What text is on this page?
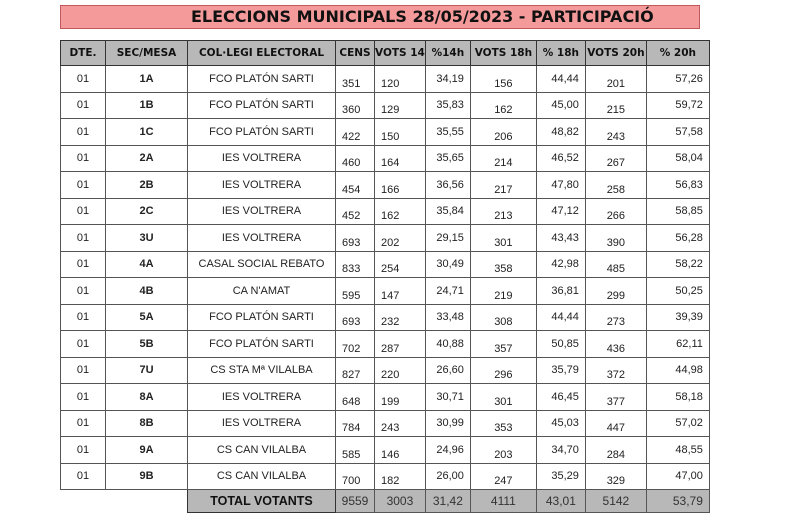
ELECCIONS MUNICIPALS 28/05/2023 - PARTICIPACIÓ
DTE.	SEC/MESA	COL·LEGI ELECTORAL	CENS	VOTS 14	%14h	VOTS 18h	% 18h	VOTS 20h	% 20h
01	1A	FCO PLATÓN SARTI	351	120	34,19	156	44,44	201	57,26
01	1B	FCO PLATÓN SARTI	360	129	35,83	162	45,00	215	59,72
01	1C	FCO PLATÓN SARTI	422	150	35,55	206	48,82	243	57,58
01	2A	IES VOLTRERA	460	164	35,65	214	46,52	267	58,04
01	2B	IES VOLTRERA	454	166	36,56	217	47,80	258	56,83
01	2C	IES VOLTRERA	452	162	35,84	213	47,12	266	58,85
01	3U	IES VOLTRERA	693	202	29,15	301	43,43	390	56,28
01	4A	CASAL SOCIAL REBATO	833	254	30,49	358	42,98	485	58,22
01	4B	CA N'AMAT	595	147	24,71	219	36,81	299	50,25
01	5A	FCO PLATÓN SARTI	693	232	33,48	308	44,44	273	39,39
01	5B	FCO PLATÓN SARTI	702	287	40,88	357	50,85	436	62,11
01	7U	CS STA Mª VILALBA	827	220	26,60	296	35,79	372	44,98
01	8A	IES VOLTRERA	648	199	30,71	301	46,45	377	58,18
01	8B	IES VOLTRERA	784	243	30,99	353	45,03	447	57,02
01	9A	CS CAN VILALBA	585	146	24,96	203	34,70	284	48,55
01	9B	CS CAN VILALBA	700	182	26,00	247	35,29	329	47,00
		TOTAL VOTANTS	9559	3003	31,42	4111	43,01	5142	53,79
